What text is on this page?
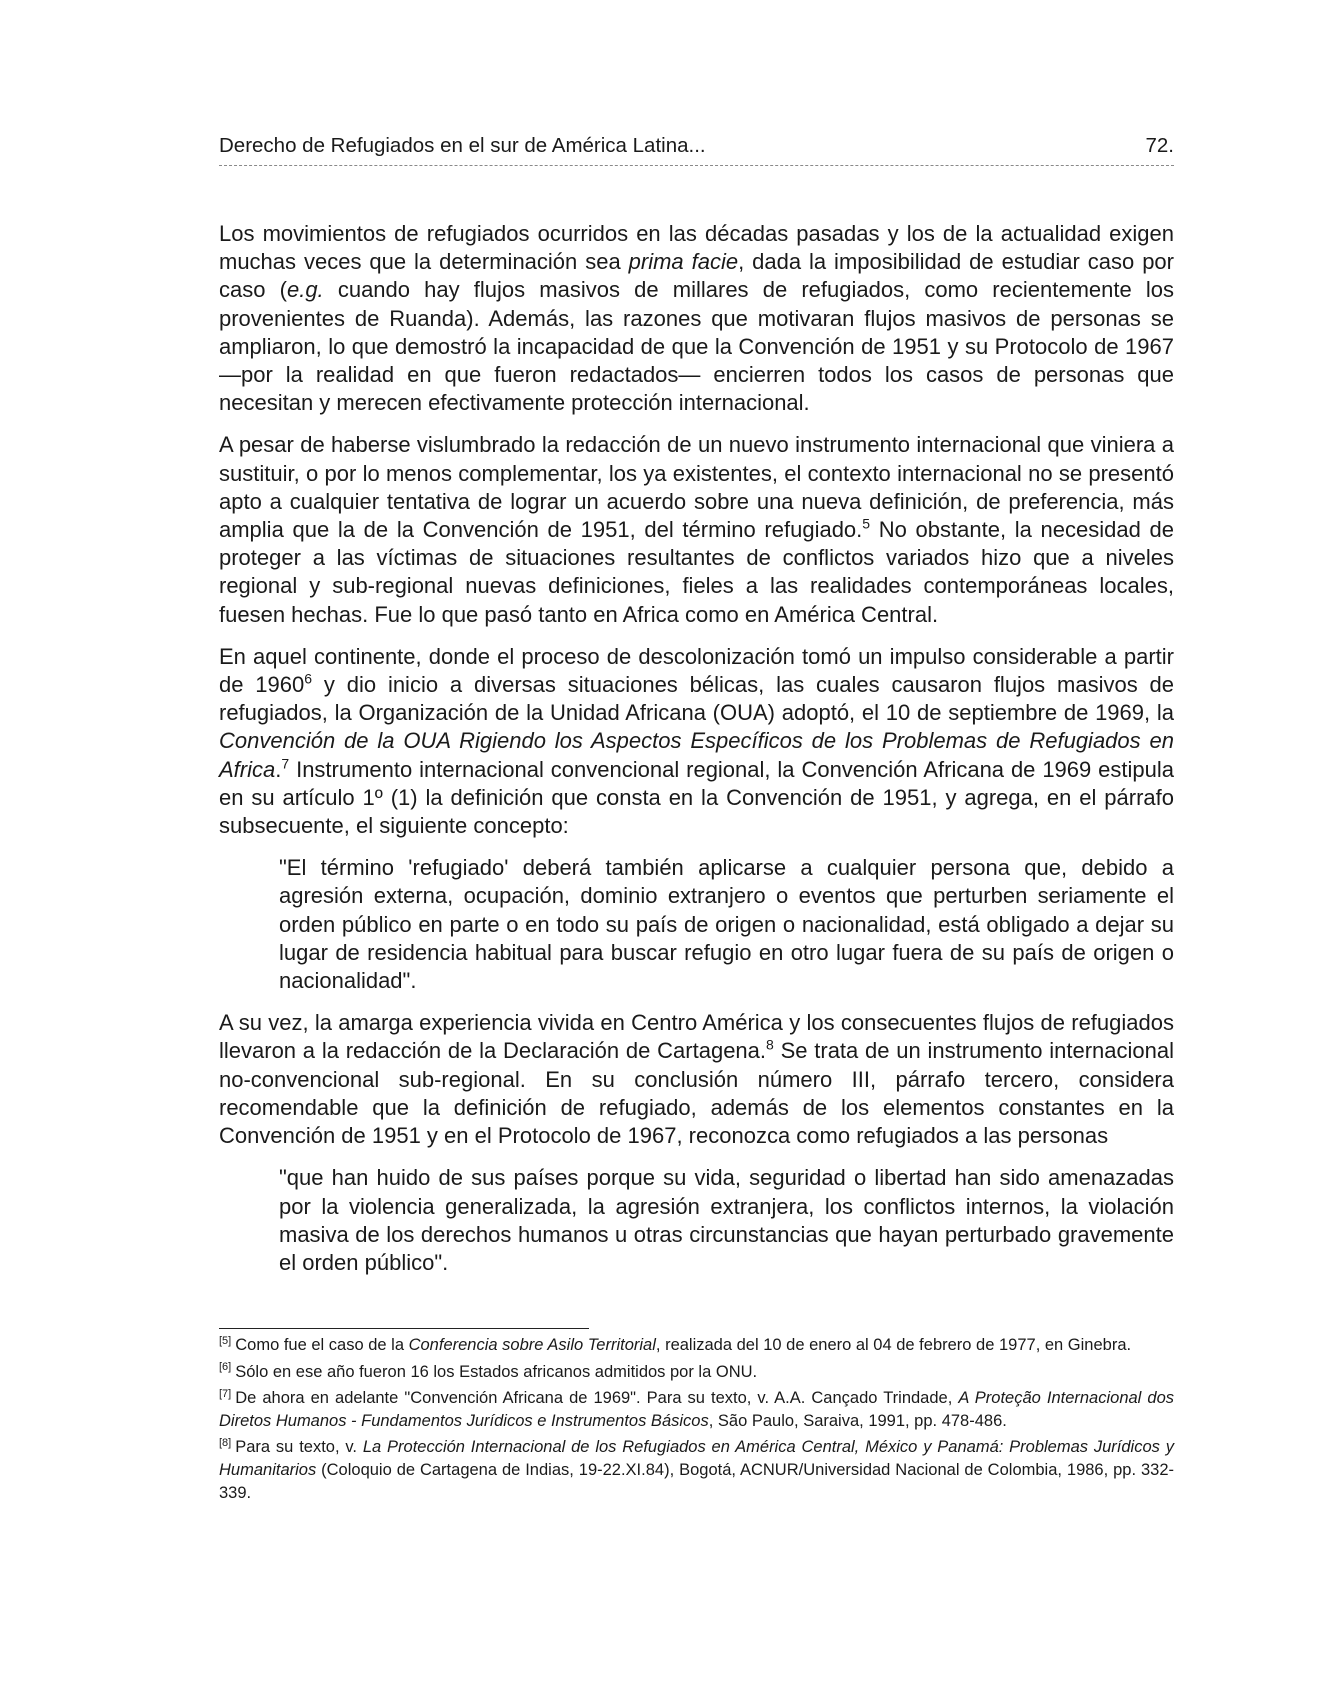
Derecho de Refugiados en el sur de América Latina...	72.

Los movimientos de refugiados ocurridos en las décadas pasadas y los de la actualidad exigen muchas veces que la determinación sea prima facie, dada la imposibilidad de estudiar caso por caso (e.g. cuando hay flujos masivos de millares de refugiados, como recientemente los provenientes de Ruanda). Además, las razones que motivaran flujos masivos de personas se ampliaron, lo que demostró la incapacidad de que la Convención de 1951 y su Protocolo de 1967 —por la realidad en que fueron redactados— encierren todos los casos de personas que necesitan y merecen efectivamente protección internacional.

A pesar de haberse vislumbrado la redacción de un nuevo instrumento internacional que viniera a sustituir, o por lo menos complementar, los ya existentes, el contexto internacional no se presentó apto a cualquier tentativa de lograr un acuerdo sobre una nueva definición, de preferencia, más amplia que la de la Convención de 1951, del término refugiado.$^5$ No obstante, la necesidad de proteger a las víctimas de situaciones resultantes de conflictos variados hizo que a niveles regional y sub-regional nuevas definiciones, fieles a las realidades contemporáneas locales, fuesen hechas. Fue lo que pasó tanto en Africa como en América Central.

En aquel continente, donde el proceso de descolonización tomó un impulso considerable a partir de 1960$^6$ y dio inicio a diversas situaciones bélicas, las cuales causaron flujos masivos de refugiados, la Organización de la Unidad Africana (OUA) adoptó, el 10 de septiembre de 1969, la Convención de la OUA Rigiendo los Aspectos Específicos de los Problemas de Refugiados en Africa.$^7$ Instrumento internacional convencional regional, la Convención Africana de 1969 estipula en su artículo 1º (1) la definición que consta en la Convención de 1951, y agrega, en el párrafo subsecuente, el siguiente concepto:

"El término 'refugiado' deberá también aplicarse a cualquier persona que, debido a agresión externa, ocupación, dominio extranjero o eventos que perturben seriamente el orden público en parte o en todo su país de origen o nacionalidad, está obligado a dejar su lugar de residencia habitual para buscar refugio en otro lugar fuera de su país de origen o nacionalidad".

A su vez, la amarga experiencia vivida en Centro América y los consecuentes flujos de refugiados llevaron a la redacción de la Declaración de Cartagena.$^8$ Se trata de un instrumento internacional no-convencional sub-regional. En su conclusión número III, párrafo tercero, considera recomendable que la definición de refugiado, además de los elementos constantes en la Convención de 1951 y en el Protocolo de 1967, reconozca como refugiados a las personas

"que han huido de sus países porque su vida, seguridad o libertad han sido amenazadas por la violencia generalizada, la agresión extranjera, los conflictos internos, la violación masiva de los derechos humanos u otras circunstancias que hayan perturbado gravemente el orden público".

[5] Como fue el caso de la Conferencia sobre Asilo Territorial, realizada del 10 de enero al 04 de febrero de 1977, en Ginebra.

[6] Sólo en ese año fueron 16 los Estados africanos admitidos por la ONU.

[7] De ahora en adelante "Convención Africana de 1969". Para su texto, v. A.A. Cançado Trindade, A Proteção Internacional dos Diretos Humanos - Fundamentos Jurídicos e Instrumentos Básicos, São Paulo, Saraiva, 1991, pp. 478-486.

[8] Para su texto, v. La Protección Internacional de los Refugiados en América Central, México y Panamá: Problemas Jurídicos y Humanitarios (Coloquio de Cartagena de Indias, 19-22.XI.84), Bogotá, ACNUR/Universidad Nacional de Colombia, 1986, pp. 332-339.
